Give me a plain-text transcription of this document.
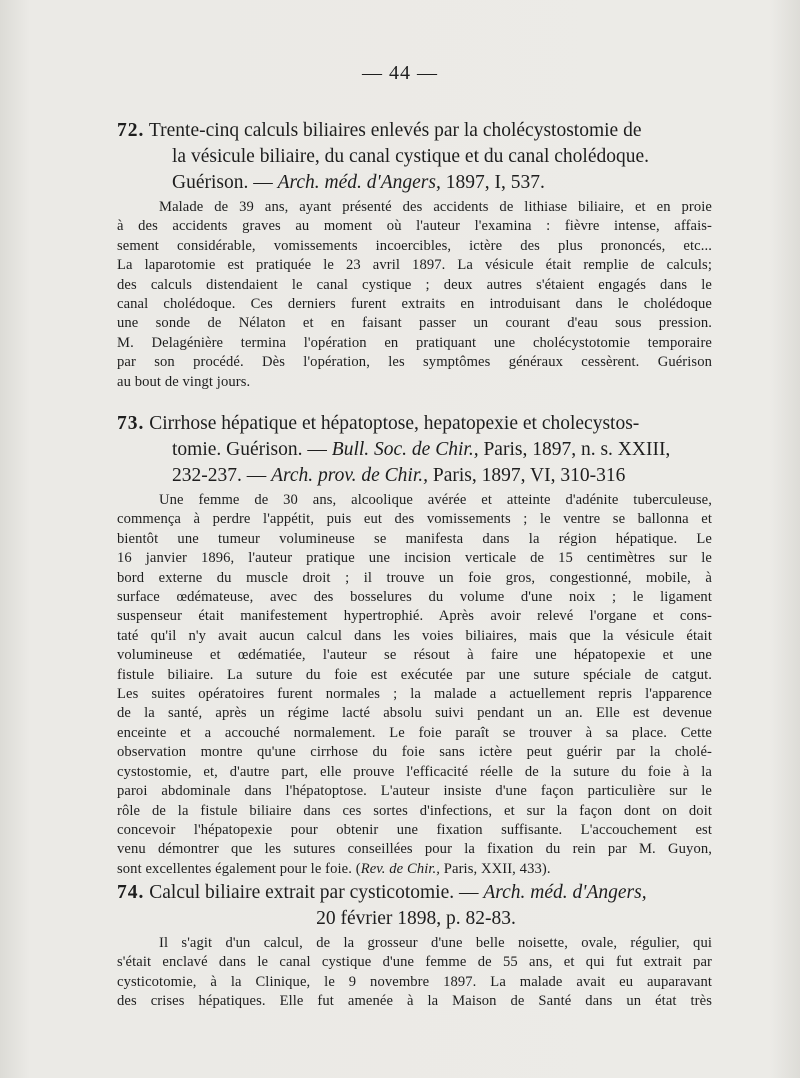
— 44 —
72. Trente-cinq calculs biliaires enlevés par la cholécystostomie de
la vésicule biliaire, du canal cystique et du canal cholédoque.
Guérison. — Arch. méd. d'Angers, 1897, I, 537.
Malade de 39 ans, ayant présenté des accidents de lithiase biliaire, et en proie
à des accidents graves au moment où l'auteur l'examina : fièvre intense, affais-
sement considérable, vomissements incoercibles, ictère des plus prononcés, etc...
La laparotomie est pratiquée le 23 avril 1897. La vésicule était remplie de calculs;
des calculs distendaient le canal cystique ; deux autres s'étaient engagés dans le
canal cholédoque. Ces derniers furent extraits en introduisant dans le cholédoque
une sonde de Nélaton et en faisant passer un courant d'eau sous pression.
M. Delagénière termina l'opération en pratiquant une cholécystotomie temporaire
par son procédé. Dès l'opération, les symptômes généraux cessèrent. Guérison
au bout de vingt jours.
73. Cirrhose hépatique et hépatoptose, hepatopexie et cholecystos-
tomie. Guérison. — Bull. Soc. de Chir., Paris, 1897, n. s. XXIII,
232-237. — Arch. prov. de Chir., Paris, 1897, VI, 310-316
Une femme de 30 ans, alcoolique avérée et atteinte d'adénite tuberculeuse,
commença à perdre l'appétit, puis eut des vomissements ; le ventre se ballonna et
bientôt une tumeur volumineuse se manifesta dans la région hépatique. Le
16 janvier 1896, l'auteur pratique une incision verticale de 15 centimètres sur le
bord externe du muscle droit ; il trouve un foie gros, congestionné, mobile, à
surface œdémateuse, avec des bosselures du volume d'une noix ; le ligament
suspenseur était manifestement hypertrophié. Après avoir relevé l'organe et cons-
taté qu'il n'y avait aucun calcul dans les voies biliaires, mais que la vésicule était
volumineuse et œdématiée, l'auteur se résout à faire une hépatopexie et une
fistule biliaire. La suture du foie est exécutée par une suture spéciale de catgut.
Les suites opératoires furent normales ; la malade a actuellement repris l'apparence
de la santé, après un régime lacté absolu suivi pendant un an. Elle est devenue
enceinte et a accouché normalement. Le foie paraît se trouver à sa place. Cette
observation montre qu'une cirrhose du foie sans ictère peut guérir par la cholé-
cystostomie, et, d'autre part, elle prouve l'efficacité réelle de la suture du foie à la
paroi abdominale dans l'hépatoptose. L'auteur insiste d'une façon particulière sur le
rôle de la fistule biliaire dans ces sortes d'infections, et sur la façon dont on doit
concevoir l'hépatopexie pour obtenir une fixation suffisante. L'accouchement est
venu démontrer que les sutures conseillées pour la fixation du rein par M. Guyon,
sont excellentes également pour le foie. (Rev. de Chir., Paris, XXII, 433).
74. Calcul biliaire extrait par cysticotomie. — Arch. méd. d'Angers,
20 février 1898, p. 82-83.
Il s'agit d'un calcul, de la grosseur d'une belle noisette, ovale, régulier, qui
s'était enclavé dans le canal cystique d'une femme de 55 ans, et qui fut extrait par
cysticotomie, à la Clinique, le 9 novembre 1897. La malade avait eu auparavant
des crises hépatiques. Elle fut amenée à la Maison de Santé dans un état très
